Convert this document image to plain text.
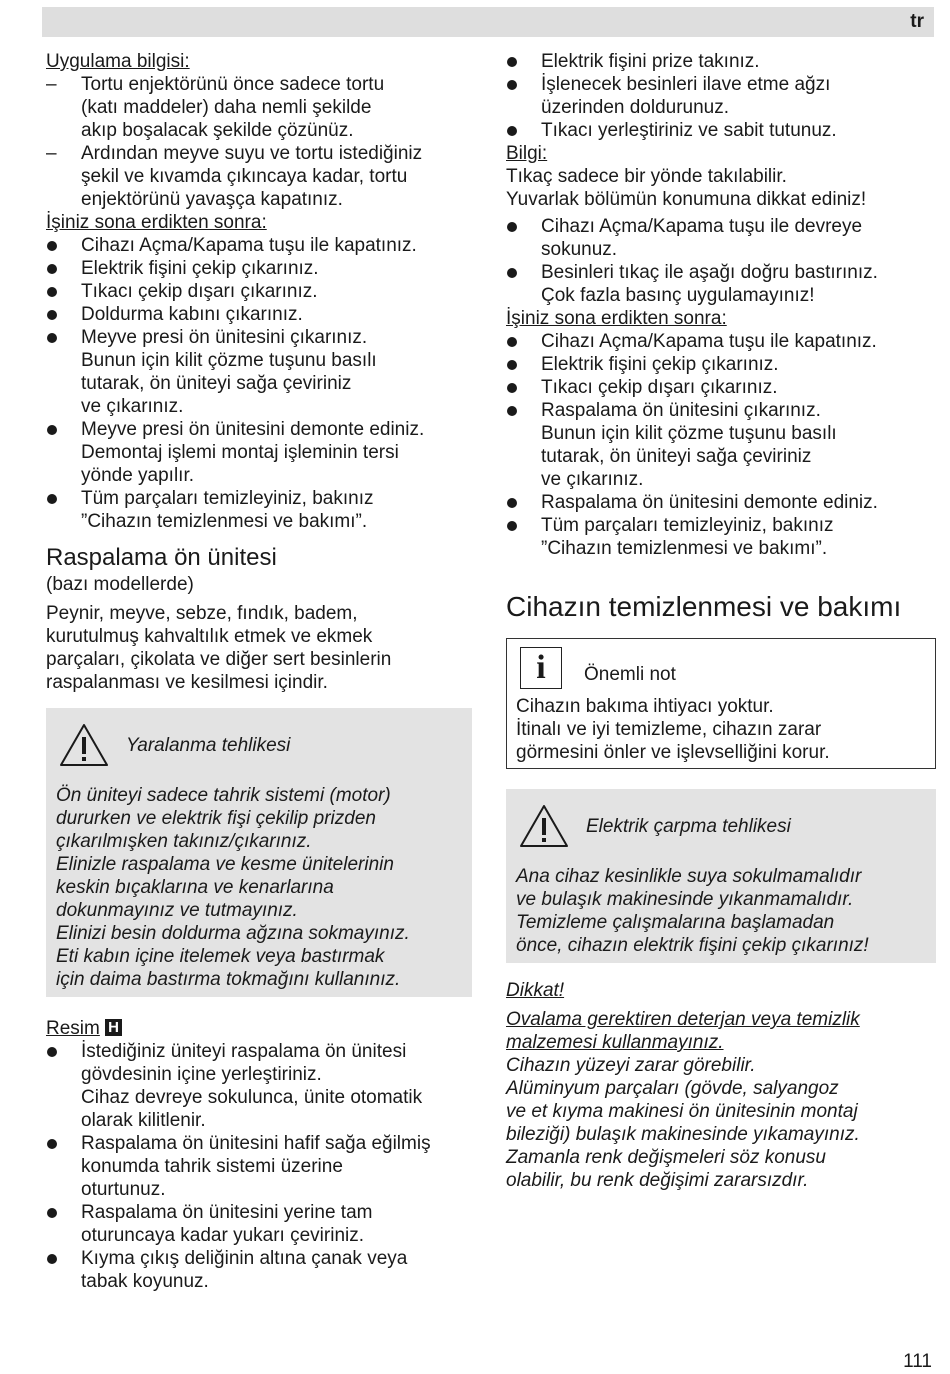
tr

Uygulama bilgisi:

– Tortu enjektörünü önce sadece tortu
(katı maddeler) daha nemli şekilde
akıp boşalacak şekilde çözünüz.
– Ardından meyve suyu ve tortu istediğiniz
şekil ve kıvamda çıkıncaya kadar, tortu
enjektörünü yavaşça kapatınız.

İşiniz sona erdikten sonra:

Cihazı Açma/Kapama tuşu ile kapatınız.
Elektrik fişini çekip çıkarınız.
Tıkacı çekip dışarı çıkarınız.
Doldurma kabını çıkarınız.
Meyve presi ön ünitesini çıkarınız.
Bunun için kilit çözme tuşunu basılı
tutarak, ön üniteyi sağa çeviriniz
ve çıkarınız.
Meyve presi ön ünitesini demonte ediniz.
Demontaj işlemi montaj işleminin tersi
yönde yapılır.
Tüm parçaları temizleyiniz, bakınız
”Cihazın temizlenmesi ve bakımı”.

Raspalama ön ünitesi

(bazı modellerde)

Peynir, meyve, sebze, fındık, badem,
kurutulmuş kahvaltılık etmek ve ekmek
parçaları, çikolata ve diğer sert besinlerin
raspalanması ve kesilmesi içindir.
Yaralanma tehlikesi
Ön üniteyi sadece tahrik sistemi (motor)
dururken ve elektrik fişi çekilip prizden
çıkarılmışken takınız/çıkarınız.
Elinizle raspalama ve kesme ünitelerinin
keskin bıçaklarına ve kenarlarına
dokunmayınız ve tutmayınız.
Elinizi besin doldurma ağzına sokmayınız.
Eti kabın içine itelemek veya bastırmak
için daima bastırma tokmağını kullanınız.

Resim H

İstediğiniz üniteyi raspalama ön ünitesi
gövdesinin içine yerleştiriniz.
Cihaz devreye sokulunca, ünite otomatik
olarak kilitlenir.
Raspalama ön ünitesini hafif sağa eğilmiş
konumda tahrik sistemi üzerine
oturtunuz.
Raspalama ön ünitesini yerine tam
oturuncaya kadar yukarı çeviriniz.
Kıyma çıkış deliğinin altına çanak veya
tabak koyunuz.
Elektrik fişini prize takınız.
İşlenecek besinleri ilave etme ağzı
üzerinden doldurunuz.
Tıkacı yerleştiriniz ve sabit tutunuz.

Bilgi:

Tıkaç sadece bir yönde takılabilir.
Yuvarlak bölümün konumuna dikkat ediniz!
Cihazı Açma/Kapama tuşu ile devreye
sokunuz.
Besinleri tıkaç ile aşağı doğru bastırınız.
Çok fazla basınç uygulamayınız!

İşiniz sona erdikten sonra:

Cihazı Açma/Kapama tuşu ile kapatınız.
Elektrik fişini çekip çıkarınız.
Tıkacı çekip dışarı çıkarınız.
Raspalama ön ünitesini çıkarınız.
Bunun için kilit çözme tuşunu basılı
tutarak, ön üniteyi sağa çeviriniz
ve çıkarınız.
Raspalama ön ünitesini demonte ediniz.
Tüm parçaları temizleyiniz, bakınız
”Cihazın temizlenmesi ve bakımı”.

Cihazın temizlenmesi ve bakımı

i	Önemli not
Cihazın bakıma ihtiyacı yoktur.
İtinalı ve iyi temizleme, cihazın zarar
görmesini önler ve işlevselliğini korur.
Elektrik çarpma tehlikesi
Ana cihaz kesinlikle suya sokulmamalıdır
ve bulaşık makinesinde yıkanmamalıdır.
Temizleme çalışmalarına başlamadan
önce, cihazın elektrik fişini çekip çıkarınız!

Dikkat!

Ovalama gerektiren deterjan veya temizlik
malzemesi kullanmayınız.
Cihazın yüzeyi zarar görebilir.
Alüminyum parçaları (gövde, salyangoz
ve et kıyma makinesi ön ünitesinin montaj
bileziği) bulaşık makinesinde yıkamayınız.
Zamanla renk değişmeleri söz konusu
olabilir, bu renk değişimi zararsızdır.
111
